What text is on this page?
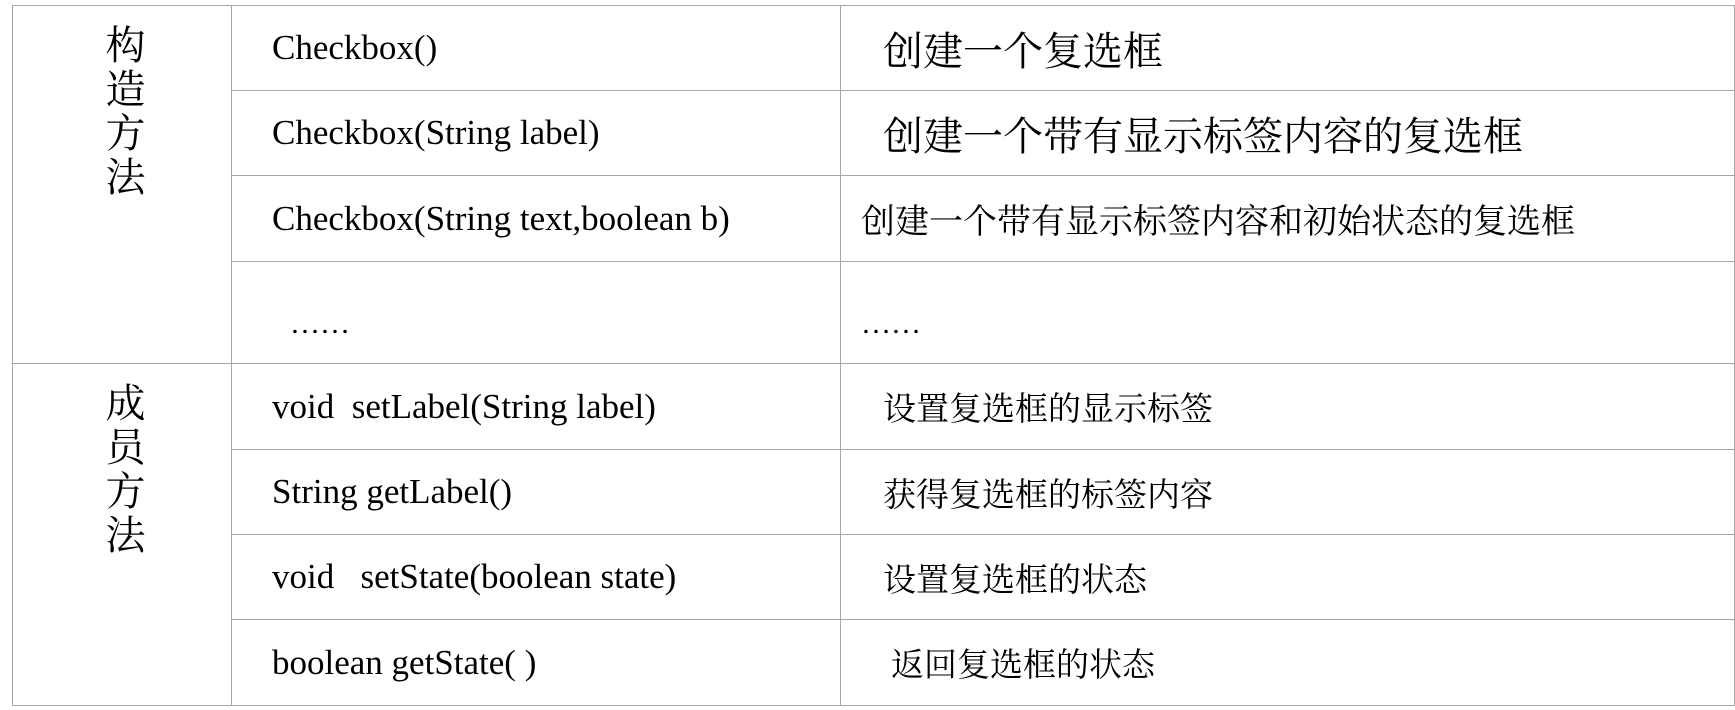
构造方法	Checkbox()	创建一个复选框
	Checkbox(String label)	创建一个带有显示标签内容的复选框
	Checkbox(String text,boolean b)	创建一个带有显示标签内容和初始状态的复选框
	……	……
成员方法	void  setLabel(String label)	设置复选框的显示标签
	String getLabel()	获得复选框的标签内容
	void   setState(boolean state)	设置复选框的状态
	boolean getState( )	返回复选框的状态
